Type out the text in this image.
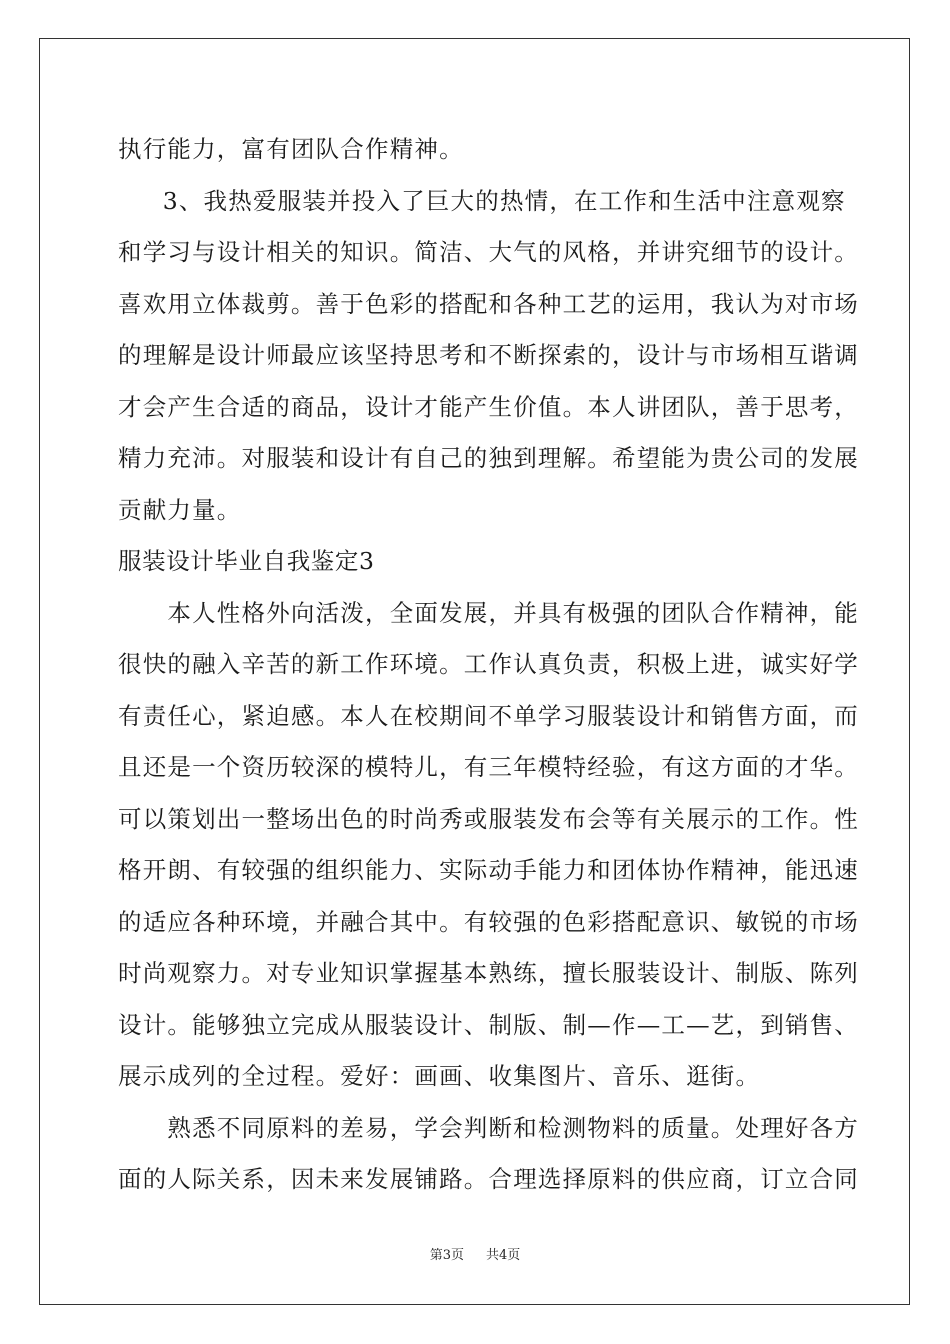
执行能力，富有团队合作精神。
　3、我热爱服装并投入了巨大的热情，在工作和生活中注意观察
和学习与设计相关的知识。简洁、大气的风格，并讲究细节的设计。
喜欢用立体裁剪。善于色彩的搭配和各种工艺的运用，我认为对市场
的理解是设计师最应该坚持思考和不断探索的，设计与市场相互谐调
才会产生合适的商品，设计才能产生价值。本人讲团队，善于思考，
精力充沛。对服装和设计有自己的独到理解。希望能为贵公司的发展
贡献力量。
服装设计毕业自我鉴定3
　　本人性格外向活泼，全面发展，并具有极强的团队合作精神，能
很快的融入辛苦的新工作环境。工作认真负责，积极上进，诚实好学
有责任心，紧迫感。本人在校期间不单学习服装设计和销售方面，而
且还是一个资历较深的模特儿，有三年模特经验，有这方面的才华。
可以策划出一整场出色的时尚秀或服装发布会等有关展示的工作。性
格开朗、有较强的组织能力、实际动手能力和团体协作精神，能迅速
的适应各种环境，并融合其中。有较强的色彩搭配意识、敏锐的市场
时尚观察力。对专业知识掌握基本熟练，擅长服装设计、制版、陈列
设计。能够独立完成从服装设计、制版、制—作—工—艺，到销售、
展示成列的全过程。爱好：画画、收集图片、音乐、逛街。
　　熟悉不同原料的差易，学会判断和检测物料的质量。处理好各方
面的人际关系，因未来发展铺路。合理选择原料的供应商，订立合同
第3页 共4页
